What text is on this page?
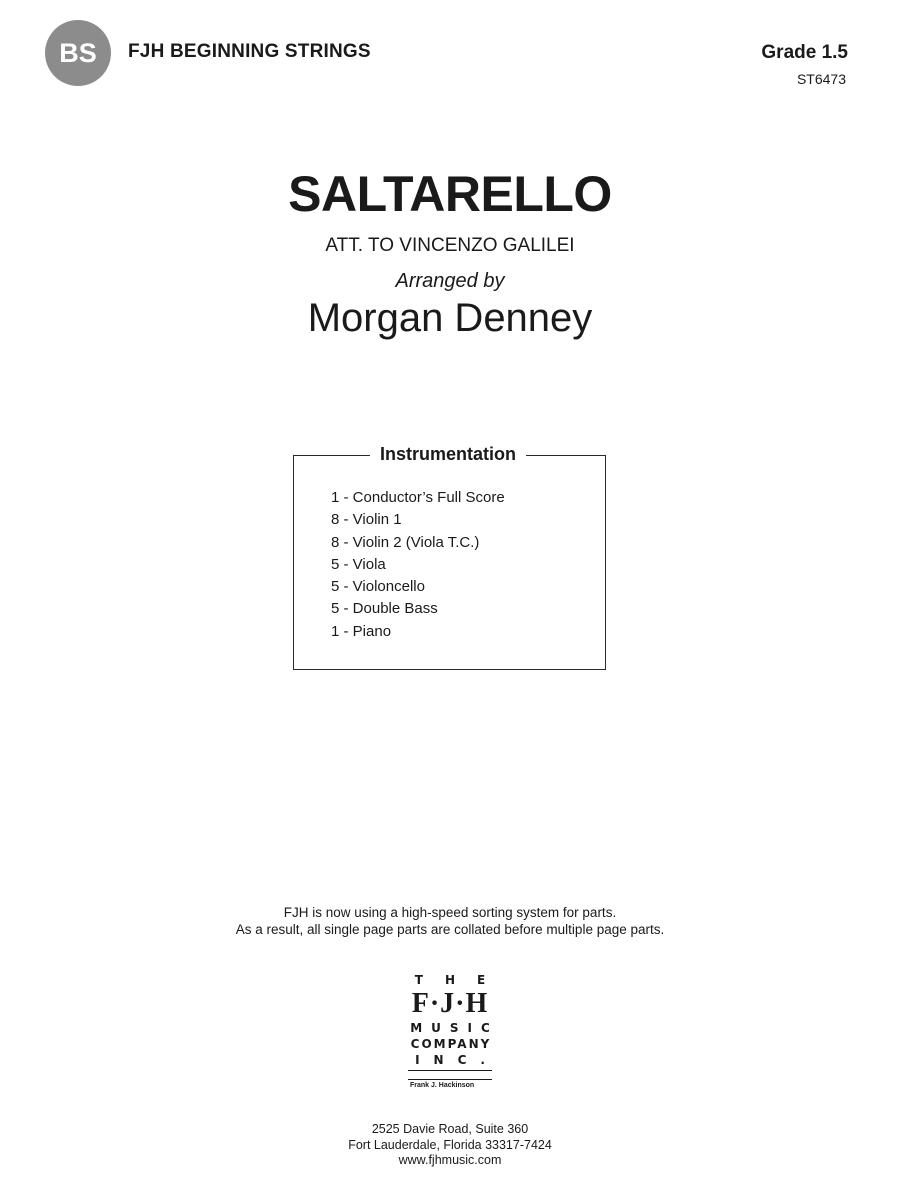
BS	FJH BEGINNING STRINGS	Grade 1.5
ST6473
SALTARELLO
ATT. TO VINCENZO GALILEI
Arranged by
Morgan Denney
Instrumentation
1 - Conductor’s Full Score
8 - Violin 1
8 - Violin 2 (Viola T.C.)
5 - Viola
5 - Violoncello
5 - Double Bass
1 - Piano
FJH is now using a high-speed sorting system for parts.
As a result, all single page parts are collated before multiple page parts.
THE
F·J·H
MUSIC
COMPANY
INC.
Frank J. Hackinson
2525 Davie Road, Suite 360
Fort Lauderdale, Florida 33317-7424
www.fjhmusic.com
